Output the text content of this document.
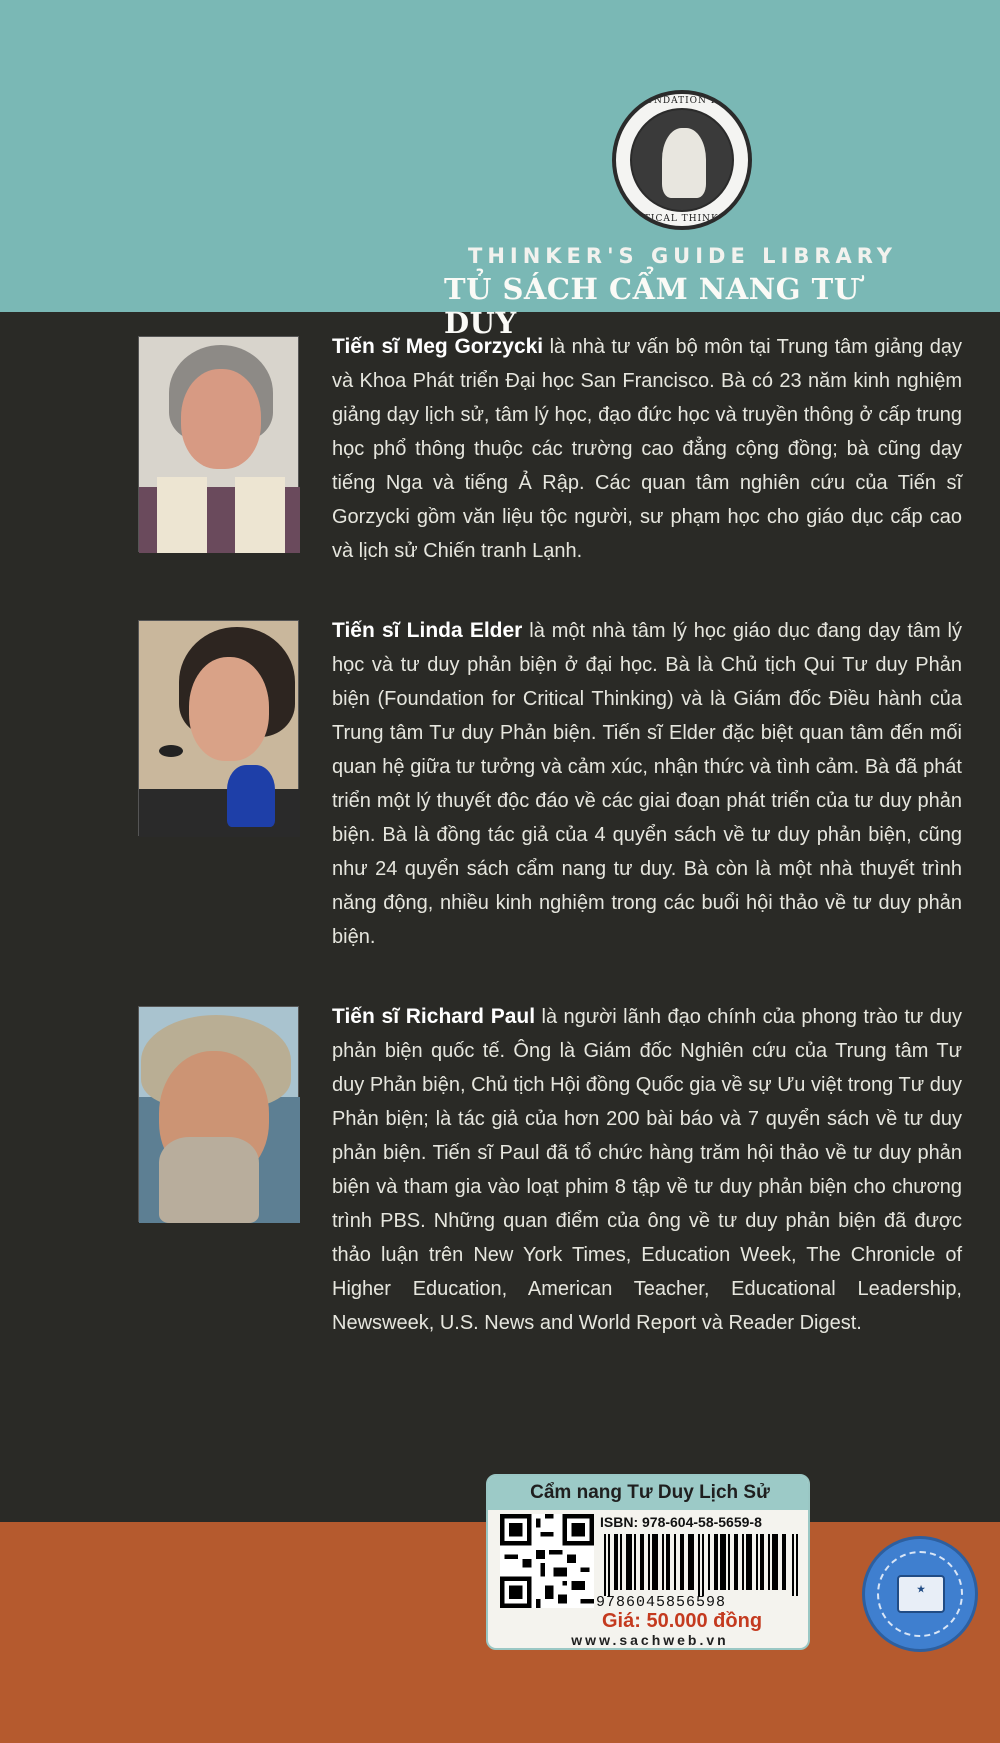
FOUNDATION FOR
CRITICAL THINKING
THINKER'S GUIDE LIBRARY
TỦ SÁCH CẨM NANG TƯ DUY
Tiến sĩ Meg Gorzycki là nhà tư vấn bộ môn tại Trung tâm giảng dạy và Khoa Phát triển Đại học San Francisco. Bà có 23 năm kinh nghiệm giảng dạy lịch sử, tâm lý học, đạo đức học và truyền thông ở cấp trung học phổ thông thuộc các trường cao đẳng cộng đồng; bà cũng dạy tiếng Nga và tiếng Ả Rập. Các quan tâm nghiên cứu của Tiến sĩ Gorzycki gồm văn liệu tộc người, sư phạm học cho giáo dục cấp cao và lịch sử Chiến tranh Lạnh.
Tiến sĩ Linda Elder là một nhà tâm lý học giáo dục đang dạy tâm lý học và tư duy phản biện ở đại học. Bà là Chủ tịch Qui Tư duy Phản biện (Foundation for Critical Thinking) và là Giám đốc Điều hành của Trung tâm Tư duy Phản biện. Tiến sĩ Elder đặc biệt quan tâm đến mối quan hệ giữa tư tưởng và cảm xúc, nhận thức và tình cảm. Bà đã phát triển một lý thuyết độc đáo về các giai đoạn phát triển của tư duy phản biện. Bà là đồng tác giả của 4 quyển sách về tư duy phản biện, cũng như 24 quyển sách cẩm nang tư duy. Bà còn là một nhà thuyết trình năng động, nhiều kinh nghiệm trong các buổi hội thảo về tư duy phản biện.
Tiến sĩ Richard Paul là người lãnh đạo chính của phong trào tư duy phản biện quốc tế. Ông là Giám đốc Nghiên cứu của Trung tâm Tư duy Phản biện, Chủ tịch Hội đồng Quốc gia về sự Ưu việt trong Tư duy Phản biện; là tác giả của hơn 200 bài báo và 7 quyển sách về tư duy phản biện. Tiến sĩ Paul đã tổ chức hàng trăm hội thảo về tư duy phản biện và tham gia vào loạt phim 8 tập về tư duy phản biện cho chương trình PBS. Những quan điểm của ông về tư duy phản biện đã được thảo luận trên New York Times, Education Week, The Chronicle of Higher Education, American Teacher, Educational Leadership, Newsweek, U.S. News and World Report và Reader Digest.
Cẩm nang Tư Duy Lịch Sử
ISBN: 978-604-58-5659-8
9786045856598
Giá: 50.000 đồng
www.sachweb.vn
★
